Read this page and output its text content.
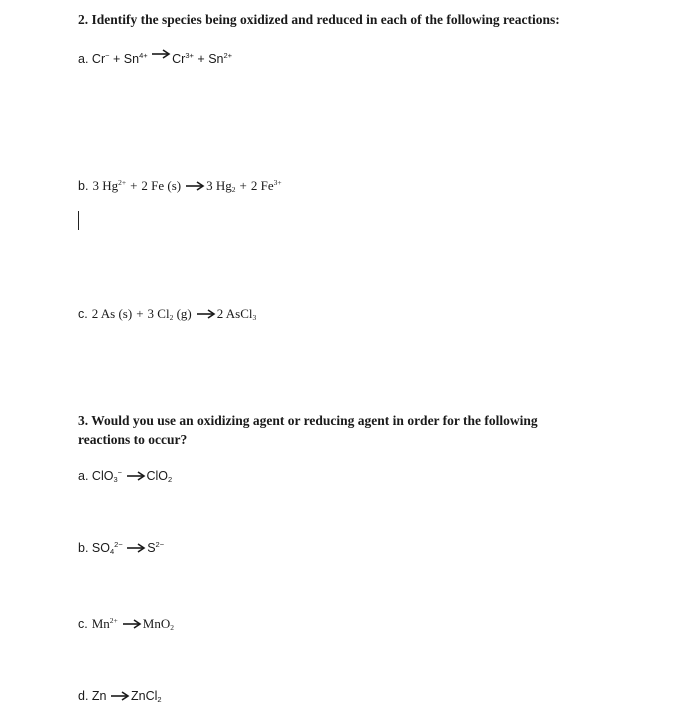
2. Identify the species being oxidized and reduced in each of the following reactions:
a. $Cr^- + Sn^{4+}$ $Cr^{3+} + Sn^{2+}$
b. 3 $Hg^{2+} + 2$ Fe (s) 3 $Hg_2 + 2$ $Fe^{3+}$
c. 2 As (s) + 3 $Cl_2$ (g) 2 AsCl$_3$
3. Would you use an oxidizing agent or reducing agent in order for the following
reactions to occur?
a. ClO$_3$− ClO$_2$
b. $SO_4^{2-}$ $S^{2-}$
c. $Mn^{2+}$ MnO$_2$
d. Zn ZnCl$_2$
